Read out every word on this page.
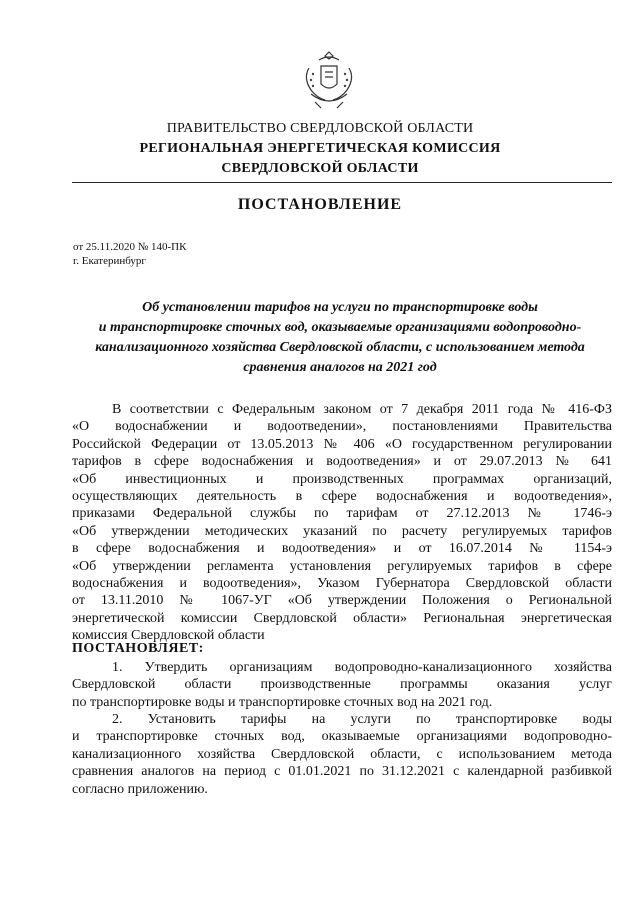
ПРАВИТЕЛЬСТВО СВЕРДЛОВСКОЙ ОБЛАСТИ
РЕГИОНАЛЬНАЯ ЭНЕРГЕТИЧЕСКАЯ КОМИССИЯ
СВЕРДЛОВСКОЙ ОБЛАСТИ
ПОСТАНОВЛЕНИЕ
от 25.11.2020 № 140-ПК
г. Екатеринбург
Об установлении тарифов на услуги по транспортировке воды
и транспортировке сточных вод, оказываемые организациями водопроводно-
канализационного хозяйства Свердловской области, с использованием метода
сравнения аналогов на 2021 год
В соответствии с Федеральным законом от 7 декабря 2011 года № 416-ФЗ
«О водоснабжении и водоотведении», постановлениями Правительства
Российской Федерации от 13.05.2013 № 406 «О государственном регулировании
тарифов в сфере водоснабжения и водоотведения» и от 29.07.2013 № 641
«Об инвестиционных и производственных программах организаций,
осуществляющих деятельность в сфере водоснабжения и водоотведения»,
приказами Федеральной службы по тарифам от 27.12.2013 № 1746-э
«Об утверждении методических указаний по расчету регулируемых тарифов
в сфере водоснабжения и водоотведения» и от 16.07.2014 № 1154-э
«Об утверждении регламента установления регулируемых тарифов в сфере
водоснабжения и водоотведения», Указом Губернатора Свердловской области
от 13.11.2010 № 1067-УГ «Об утверждении Положения о Региональной
энергетической комиссии Свердловской области» Региональная энергетическая
комиссия Свердловской области
ПОСТАНОВЛЯЕТ:
1. Утвердить организациям водопроводно-канализационного хозяйства
Свердловской области производственные программы оказания услуг
по транспортировке воды и транспортировке сточных вод на 2021 год.
2. Установить тарифы на услуги по транспортировке воды
и транспортировке сточных вод, оказываемые организациями водопроводно-
канализационного хозяйства Свердловской области, с использованием метода
сравнения аналогов на период с 01.01.2021 по 31.12.2021 с календарной разбивкой
согласно приложению.
